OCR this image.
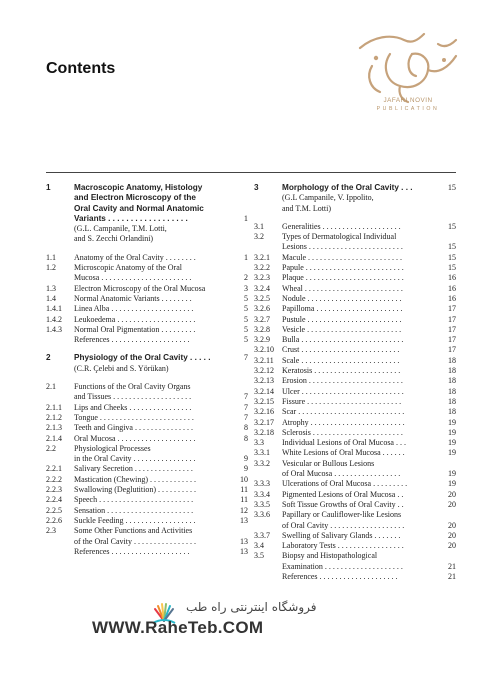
Contents
JAFARI NOVIN
PUBLICATION
1	Macroscopic Anatomy, Histology
and Electron Microscopy of the
Oral Cavity and Normal Anatomic
Variants . . . . . . . . . . . . . . . . . .	1
(G.L. Campanile, T.M. Lotti,
and S. Zecchi Orlandini)
1.1 Anatomy of the Oral Cavity . . . . . . . .	1
1.2 Microscopic Anatomy of the Oral
Mucosa . . . . . . . . . . . . . . . . . . . . . . .	2
1.3 Electron Microscopy of the Oral Mucosa	3
1.4 Normal Anatomic Variants . . . . . . . .	5
1.4.1 Linea Alba . . . . . . . . . . . . . . . . . . . . .	5
1.4.2 Leukoedema . . . . . . . . . . . . . . . . . . . .	5
1.4.3 Normal Oral Pigmentation . . . . . . . . .	5
References . . . . . . . . . . . . . . . . . . . .	5
2	Physiology of the Oral Cavity . . . . .	7
(C.R. Çelebi and S. Yörükan)
2.1 Functions of the Oral Cavity Organs
and Tissues . . . . . . . . . . . . . . . . . . . .	7
2.1.1 Lips and Cheeks . . . . . . . . . . . . . . . .	7
2.1.2 Tongue . . . . . . . . . . . . . . . . . . . . . . . .	7
2.1.3 Teeth and Gingiva . . . . . . . . . . . . . . .	8
2.1.4 Oral Mucosa . . . . . . . . . . . . . . . . . . . .	8
2.2 Physiological Processes
in the Oral Cavity . . . . . . . . . . . . . . . .	9
2.2.1 Salivary Secretion . . . . . . . . . . . . . . .	9
2.2.2 Mastication (Chewing) . . . . . . . . . . . .	10
2.2.3 Swallowing (Deglutition) . . . . . . . . . .	11
2.2.4 Speech . . . . . . . . . . . . . . . . . . . . . . . .	11
2.2.5 Sensation . . . . . . . . . . . . . . . . . . . . . .	12
2.2.6 Suckle Feeding . . . . . . . . . . . . . . . . . .	13
2.3 Some Other Functions and Activities
of the Oral Cavity . . . . . . . . . . . . . . . .	13
References . . . . . . . . . . . . . . . . . . . .	13
3	Morphology of the Oral Cavity . . .	15
(G.L Campanile, V. Ippolito,
and T.M. Lotti)
3.1 Generalities . . . . . . . . . . . . . . . . . . . .	15
3.2 Types of Dermatological Individual
Lesions . . . . . . . . . . . . . . . . . . . . . . . .	15
3.2.1 Macule . . . . . . . . . . . . . . . . . . . . . . . .	15
3.2.2 Papule . . . . . . . . . . . . . . . . . . . . . . . . .	15
3.2.3 Plaque . . . . . . . . . . . . . . . . . . . . . . . . .	16
3.2.4 Wheal . . . . . . . . . . . . . . . . . . . . . . . . .	16
3.2.5 Nodule . . . . . . . . . . . . . . . . . . . . . . . .	16
3.2.6 Papilloma . . . . . . . . . . . . . . . . . . . . . .	17
3.2.7 Pustule . . . . . . . . . . . . . . . . . . . . . . . .	17
3.2.8 Vesicle . . . . . . . . . . . . . . . . . . . . . . . .	17
3.2.9 Bulla . . . . . . . . . . . . . . . . . . . . . . . . . .	17
3.2.10 Crust . . . . . . . . . . . . . . . . . . . . . . . . .	17
3.2.11 Scale . . . . . . . . . . . . . . . . . . . . . . . . .	18
3.2.12 Keratosis . . . . . . . . . . . . . . . . . . . . . .	18
3.2.13 Erosion . . . . . . . . . . . . . . . . . . . . . . . .	18
3.2.14 Ulcer . . . . . . . . . . . . . . . . . . . . . . . . . .	18
3.2.15 Fissure . . . . . . . . . . . . . . . . . . . . . . . .	18
3.2.16 Scar . . . . . . . . . . . . . . . . . . . . . . . . . . .	18
3.2.17 Atrophy . . . . . . . . . . . . . . . . . . . . . . . .	19
3.2.18 Sclerosis . . . . . . . . . . . . . . . . . . . . . . .	19
3.3 Individual Lesions of Oral Mucosa . . .	19
3.3.1 White Lesions of Oral Mucosa . . . . . .	19
3.3.2 Vesicular or Bullous Lesions
of Oral Mucosa . . . . . . . . . . . . . . . . .	19
3.3.3 Ulcerations of Oral Mucosa . . . . . . . . .	19
3.3.4 Pigmented Lesions of Oral Mucosa . .	20
3.3.5 Soft Tissue Growths of Oral Cavity . .	20
3.3.6 Papillary or Cauliflower-like Lesions
of Oral Cavity . . . . . . . . . . . . . . . . . . .	20
3.3.7 Swelling of Salivary Glands . . . . . . .	20
3.4 Laboratory Tests . . . . . . . . . . . . . . . . .	20
3.5 Biopsy and Histopathological
Examination . . . . . . . . . . . . . . . . . . . .	21
References . . . . . . . . . . . . . . . . . . . .	21
فروشگاه اینترنتی راه طب
WWW.RaheTeb.COM
